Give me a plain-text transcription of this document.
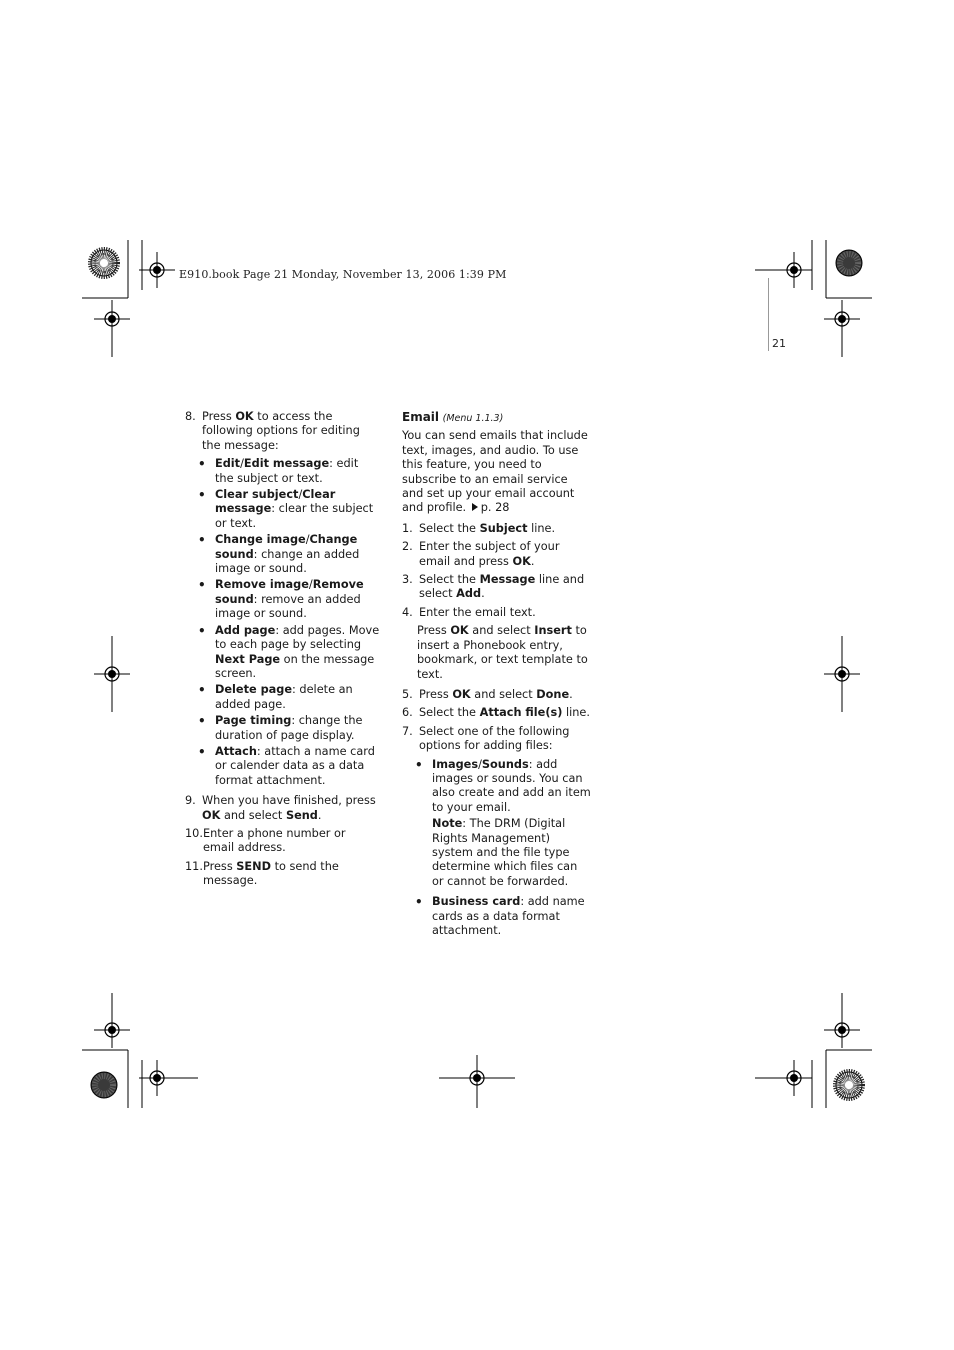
E910.book Page 21 Monday, November 13, 2006 1:39 PM
21
8. Press OK to access the following options for editing the message:
• Edit/Edit message: edit the subject or text.
• Clear subject/Clear message: clear the subject or text.
• Change image/Change sound: change an added image or sound.
• Remove image/Remove sound: remove an added image or sound.
• Add page: add pages. Move to each page by selecting Next Page on the message screen.
• Delete page: delete an added page.
• Page timing: change the duration of page display.
• Attach: attach a name card or calender data as a data format attachment.
9. When you have finished, press OK and select Send.
10. Enter a phone number or email address.
11. Press SEND to send the message.
Email (Menu 1.1.3)
You can send emails that include text, images, and audio. To use this feature, you need to subscribe to an email service and set up your email account and profile. p. 28
1. Select the Subject line.
2. Enter the subject of your email and press OK.
3. Select the Message line and select Add.
4. Enter the email text.
Press OK and select Insert to insert a Phonebook entry, bookmark, or text template to text.
5. Press OK and select Done.
6. Select the Attach file(s) line.
7. Select one of the following options for adding files:
• Images/Sounds: add images or sounds. You can also create and add an item to your email.
Note: The DRM (Digital Rights Management) system and the file type determine which files can or cannot be forwarded.
• Business card: add name cards as a data format attachment.
